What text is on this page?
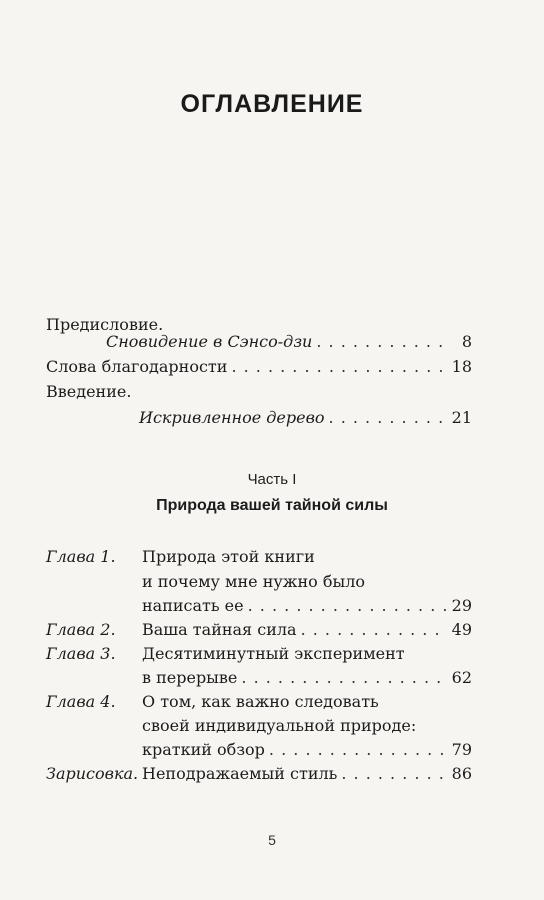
ОГЛАВЛЕНИЕ
Предисловие.
Сновидение в Сэнсо-дзи . . .	8
Слова благодарности . . .	18
Введение.
Искривленное дерево . . .	21
Часть I
Природа вашей тайной силы
Глава 1. Природа этой книги
и почему мне нужно было
написать ее . . .	29
Глава 2. Ваша тайная сила . . .	49
Глава 3. Десятиминутный эксперимент
в перерыве . . .	62
Глава 4. О том, как важно следовать
своей индивидуальной природе:
краткий обзор . . .	79
Зарисовка. Неподражаемый стиль . . .	86
5
